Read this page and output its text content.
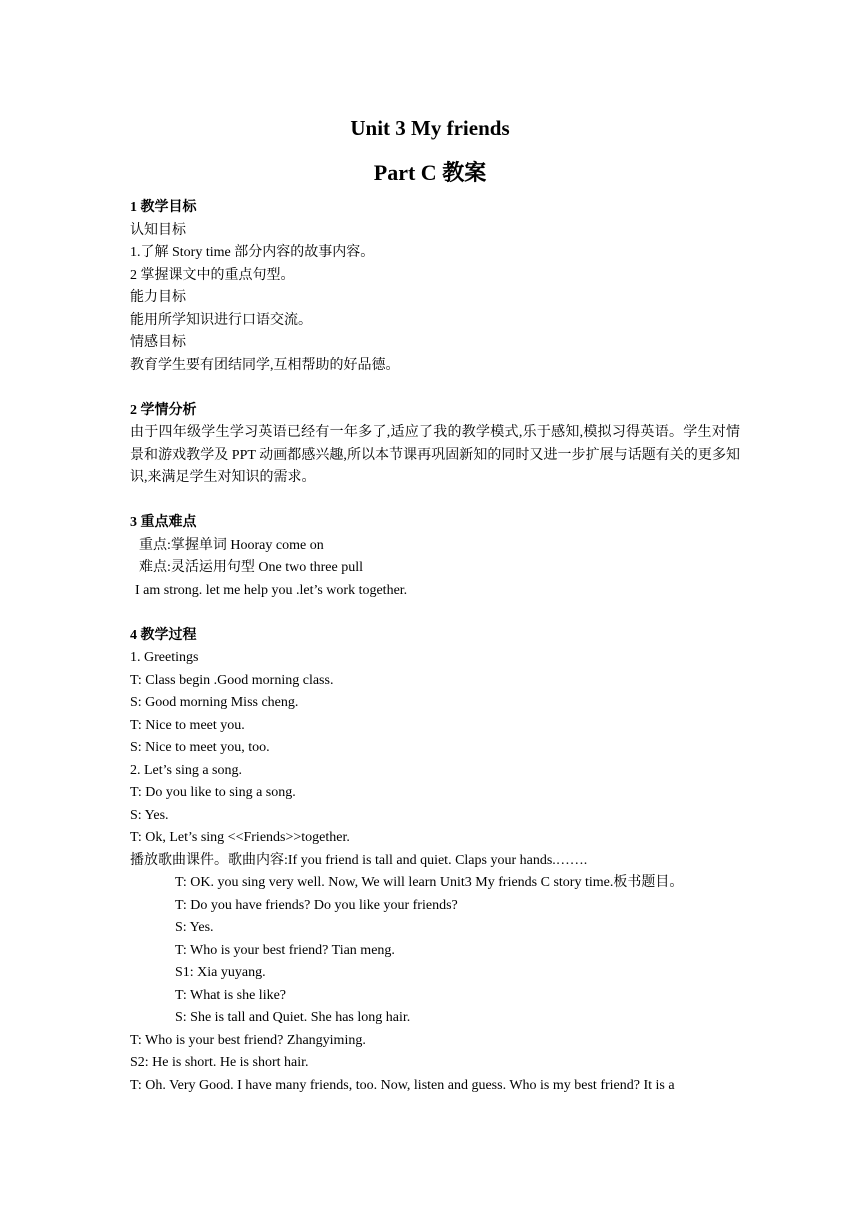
Unit 3 My friends
Part C 教案

1 教学目标

认知目标

1.了解 Story time 部分内容的故事内容。

2 掌握课文中的重点句型。

能力目标

能用所学知识进行口语交流。

情感目标

教育学生要有团结同学,互相帮助的好品德。

2 学情分析

由于四年级学生学习英语已经有一年多了,适应了我的教学模式,乐于感知,模拟习得英语。学生对情景和游戏教学及 PPT 动画都感兴趣,所以本节课再巩固新知的同时又进一步扩展与话题有关的更多知识,来满足学生对知识的需求。

3 重点难点

重点:掌握单词 Hooray come on

难点:灵活运用句型 One two three pull

I am strong. let me help you .let’s work together.

4 教学过程

1. Greetings

T: Class begin .Good morning class.

S: Good morning Miss cheng.

T: Nice to meet you.

S: Nice to meet you, too.

2. Let’s sing a song.

T: Do you like to sing a song.

S: Yes.

T: Ok, Let’s sing <<Friends>>together.

播放歌曲课件。歌曲内容:If you friend is tall and quiet. Claps your hands.…….

T: OK. you sing very well. Now, We will learn Unit3 My friends C story time.板书题目。

T: Do you have friends? Do you like your friends?

S: Yes.

T: Who is your best friend? Tian meng.

S1: Xia yuyang.

T: What is she like?

S: She is tall and Quiet. She has long hair.

T: Who is your best friend? Zhangyiming.

S2: He is short. He is short hair.

T: Oh. Very Good. I have many friends, too. Now, listen and guess. Who is my best friend? It is a
